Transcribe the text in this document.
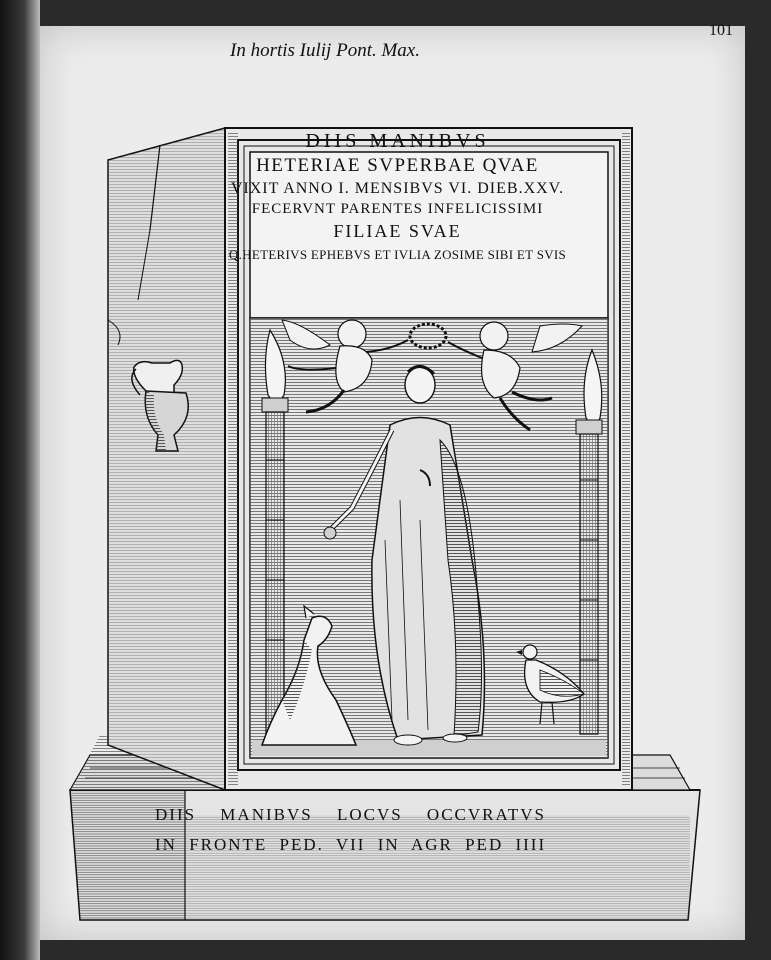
101
In hortis Iulij Pont. Max.
DIIS MANIBVS
HETERIAE SVPERBAE QVAE
VIXIT ANNO I. MENSIBVS VI. DIEB.XXV.
FECERVNT PARENTES INFELICISSIMI
FILIAE SVAE
Q.HETERIVS EPHEBVS ET IVLIA ZOSIME SIBI ET SVIS
DIIS MANIBVS LOCVS OCCVRATVS
IN FRONTE PED. VII IN AGR PED IIII
